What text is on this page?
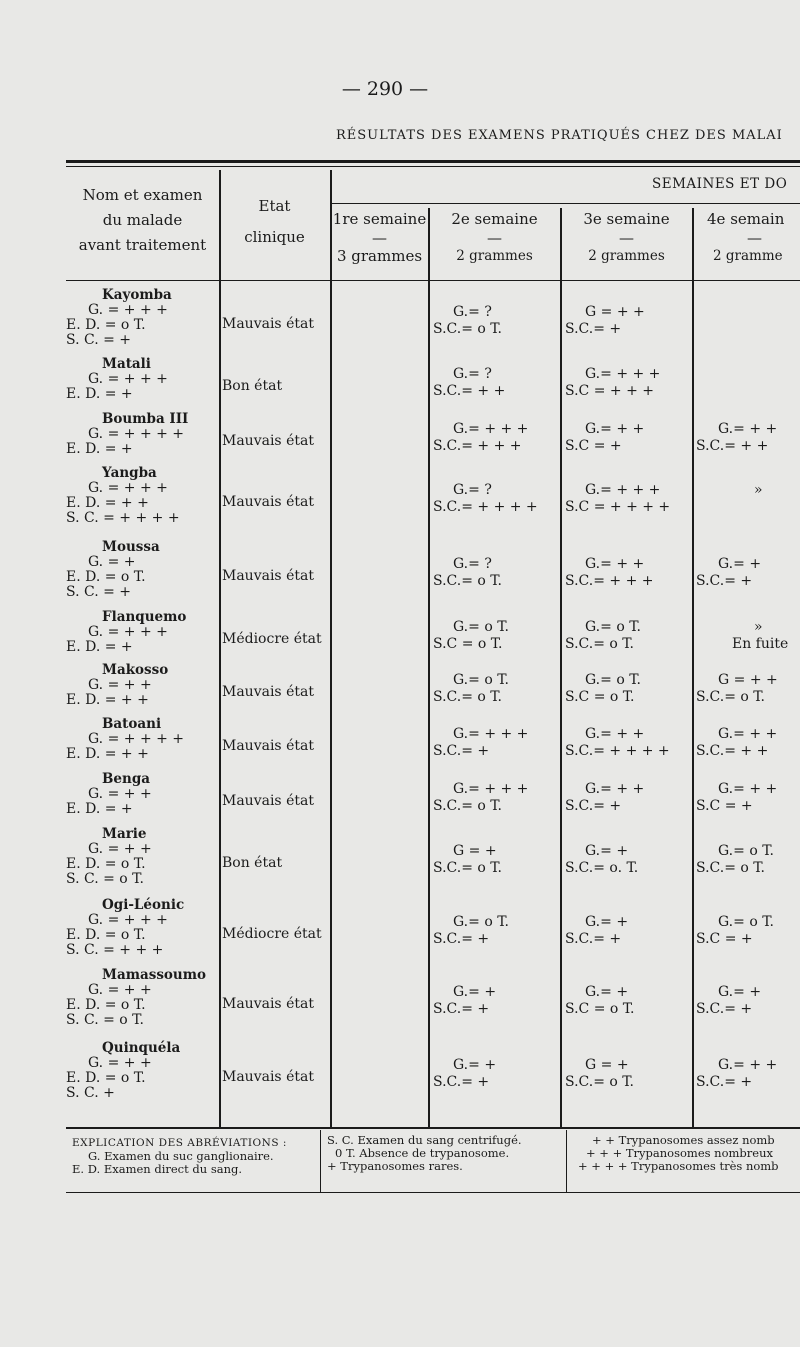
— 290 —
RÉSULTATS DES EXAMENS PRATIQUÉS CHEZ DES MALAI
Nom et examen
du malade
avant traitement
Etat
clinique
SEMAINES ET DO
1re semaine
—
3 grammes
2e semaine
—
2 grammes
3e semaine
—
2 grammes
4e semain
—
2 gramme
Kayomba
G. = + + +
E. D. = o T.
S. C. = +
Mauvais état
G.= ?
S.C.= o T.
G = + +
S.C.= +
Matali
G. = + + +
E. D. = +
Bon état
G.= ?
S.C.= + +
G.= + + +
S.C = + + +
Boumba III
G. = + + + +
E. D. = +
Mauvais état
G.= + + +
S.C.= + + +
G.= + +
S.C = +
G.= + +
S.C.= + +
Yangba
G. = + + +
E. D. = + +
S. C. = + + + +
Mauvais état
G.= ?
S.C.= + + + +
G.= + + +
S.C = + + + +
»
Moussa
G. = +
E. D. = o T.
S. C. = +
Mauvais état
G.= ?
S.C.= o T.
G.= + +
S.C.= + + +
G.= +
S.C.= +
Flanquemo
G. = + + +
E. D. = +
Médiocre état
G.= o T.
S.C = o T.
G.= o T.
S.C.= o T.
»
En fuite
Makosso
G. = + +
E. D. = + +
Mauvais état
G.= o T.
S.C.= o T.
G.= o T.
S.C = o T.
G = + +
S.C.= o T.
Batoani
G. = + + + +
E. D. = + +
Mauvais état
G.= + + +
S.C.= +
G.= + +
S.C.= + + + +
G.= + +
S.C.= + +
Benga
G. = + +
E. D. = +
Mauvais état
G.= + + +
S.C.= o T.
G.= + +
S.C.= +
G.= + +
S.C = +
Marie
G. = + +
E. D. = o T.
S. C. = o T.
Bon état
G = +
S.C.= o T.
G.= +
S.C.= o. T.
G.= o T.
S.C.= o T.
Ogi-Léonic
G. = + + +
E. D. = o T.
S. C. = + + +
Médiocre état
G.= o T.
S.C.= +
G.= +
S.C.= +
G.= o T.
S.C = +
Mamassoumo
G. = + +
E. D. = o T.
S. C. = o T.
Mauvais état
G.= +
S.C.= +
G.= +
S.C = o T.
G.= +
S.C.= +
Quinquéla
G. = + +
E. D. = o T.
S. C. +
Mauvais état
G.= +
S.C.= +
G = +
S.C.= o T.
G.= + +
S.C.= +
EXPLICATION DES ABRÉVIATIONS :
G. Examen du suc ganglionaire.
E. D. Examen direct du sang.
S. C. Examen du sang centrifugé.
0 T. Absence de trypanosome.
+ Trypanosomes rares.
+ + Trypanosomes assez nomb
+ + + Trypanosomes nombreux
+ + + + Trypanosomes très nomb
